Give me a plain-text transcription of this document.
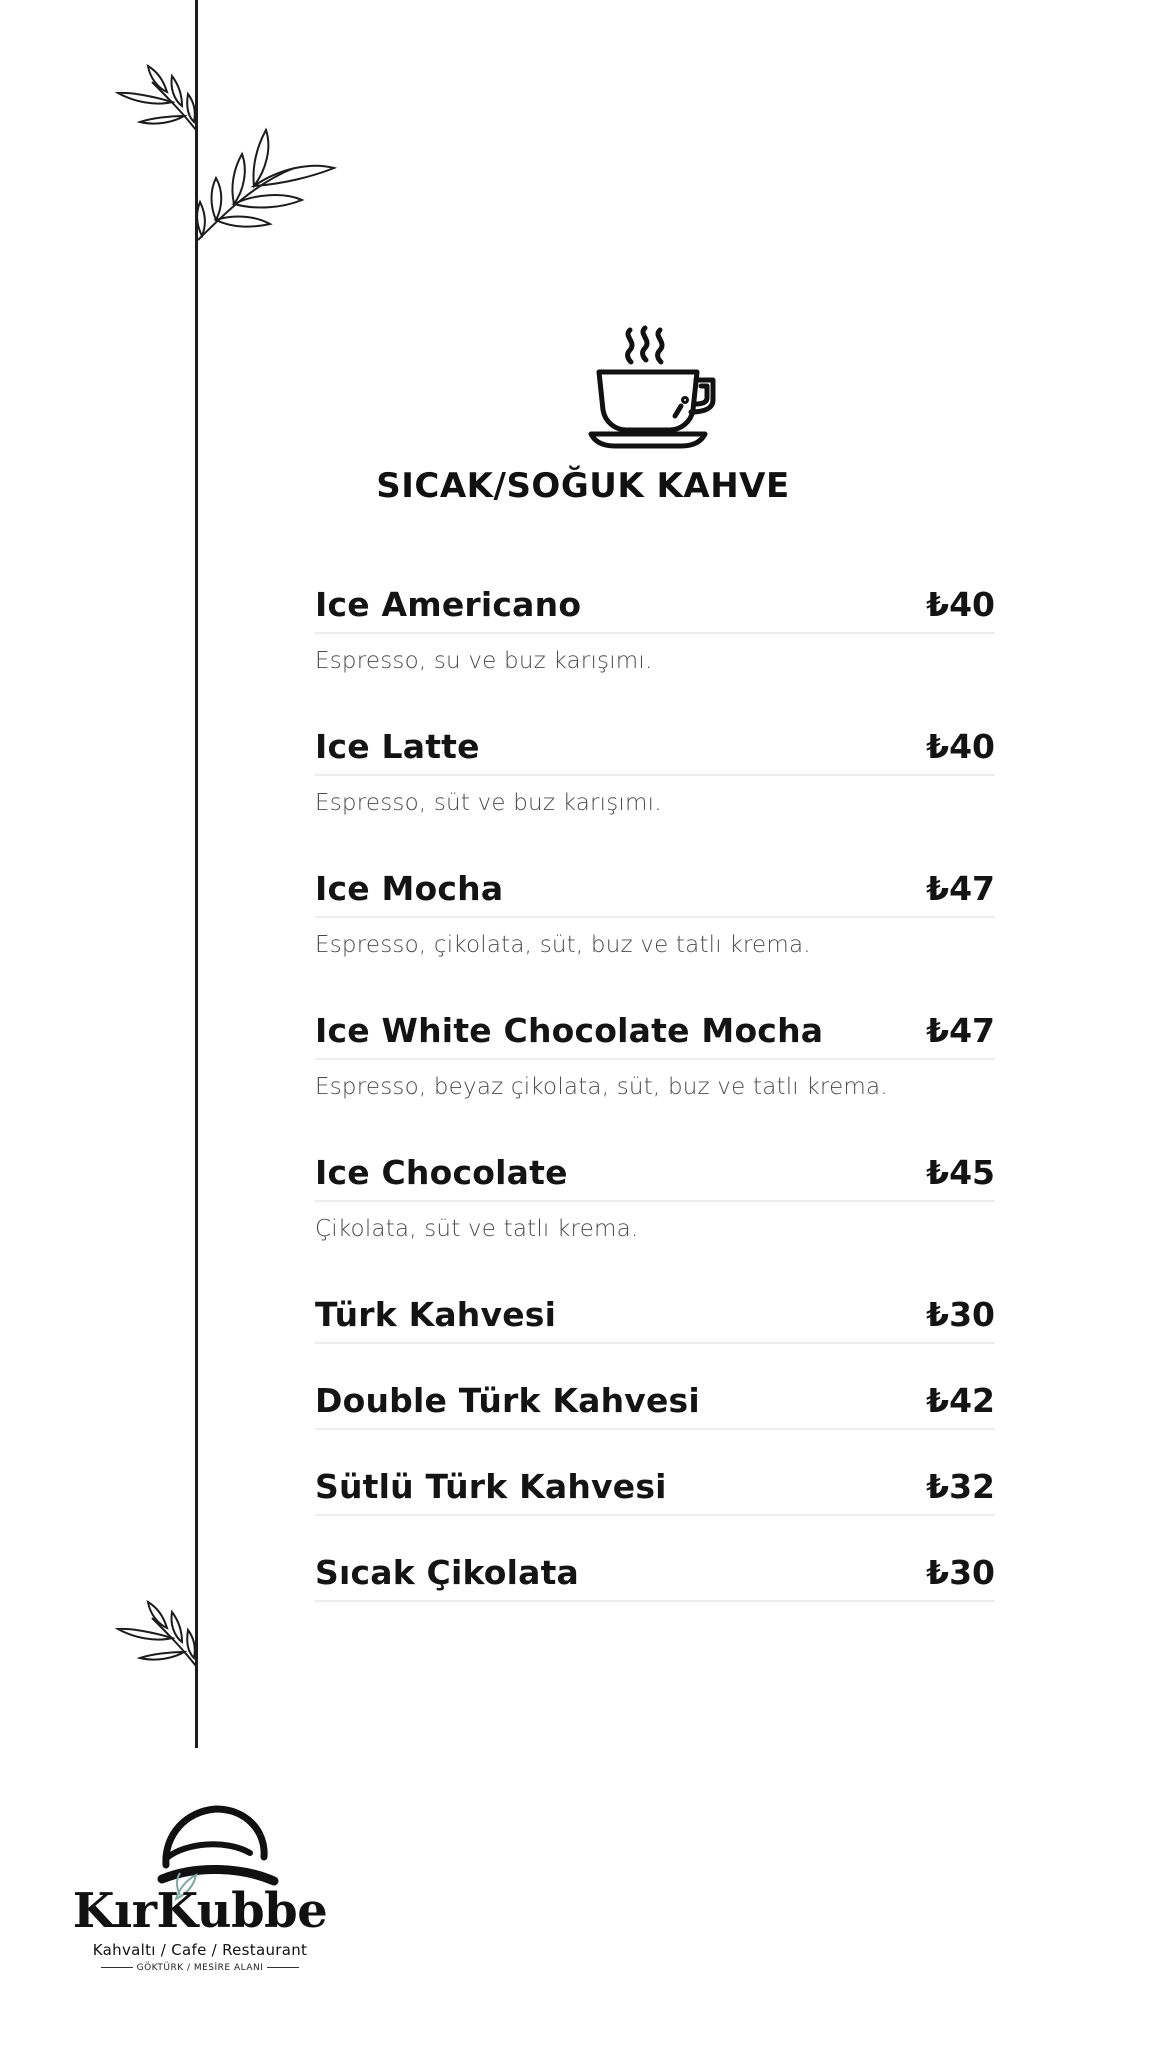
SICAK/SOĞUK KAHVE
Ice Americano	₺40
Espresso, su ve buz karışımı.
Ice Latte	₺40
Espresso, süt ve buz karışımı.
Ice Mocha	₺47
Espresso, çikolata, süt, buz ve tatlı krema.
Ice White Chocolate Mocha	₺47
Espresso, beyaz çikolata, süt, buz ve tatlı krema.
Ice Chocolate	₺45
Çikolata, süt ve tatlı krema.
Türk Kahvesi	₺30
Double Türk Kahvesi	₺42
Sütlü Türk Kahvesi	₺32
Sıcak Çikolata	₺30
KırKubbe
Kahvaltı / Cafe / Restaurant
GÖKTÜRK / MESİRE ALANI
